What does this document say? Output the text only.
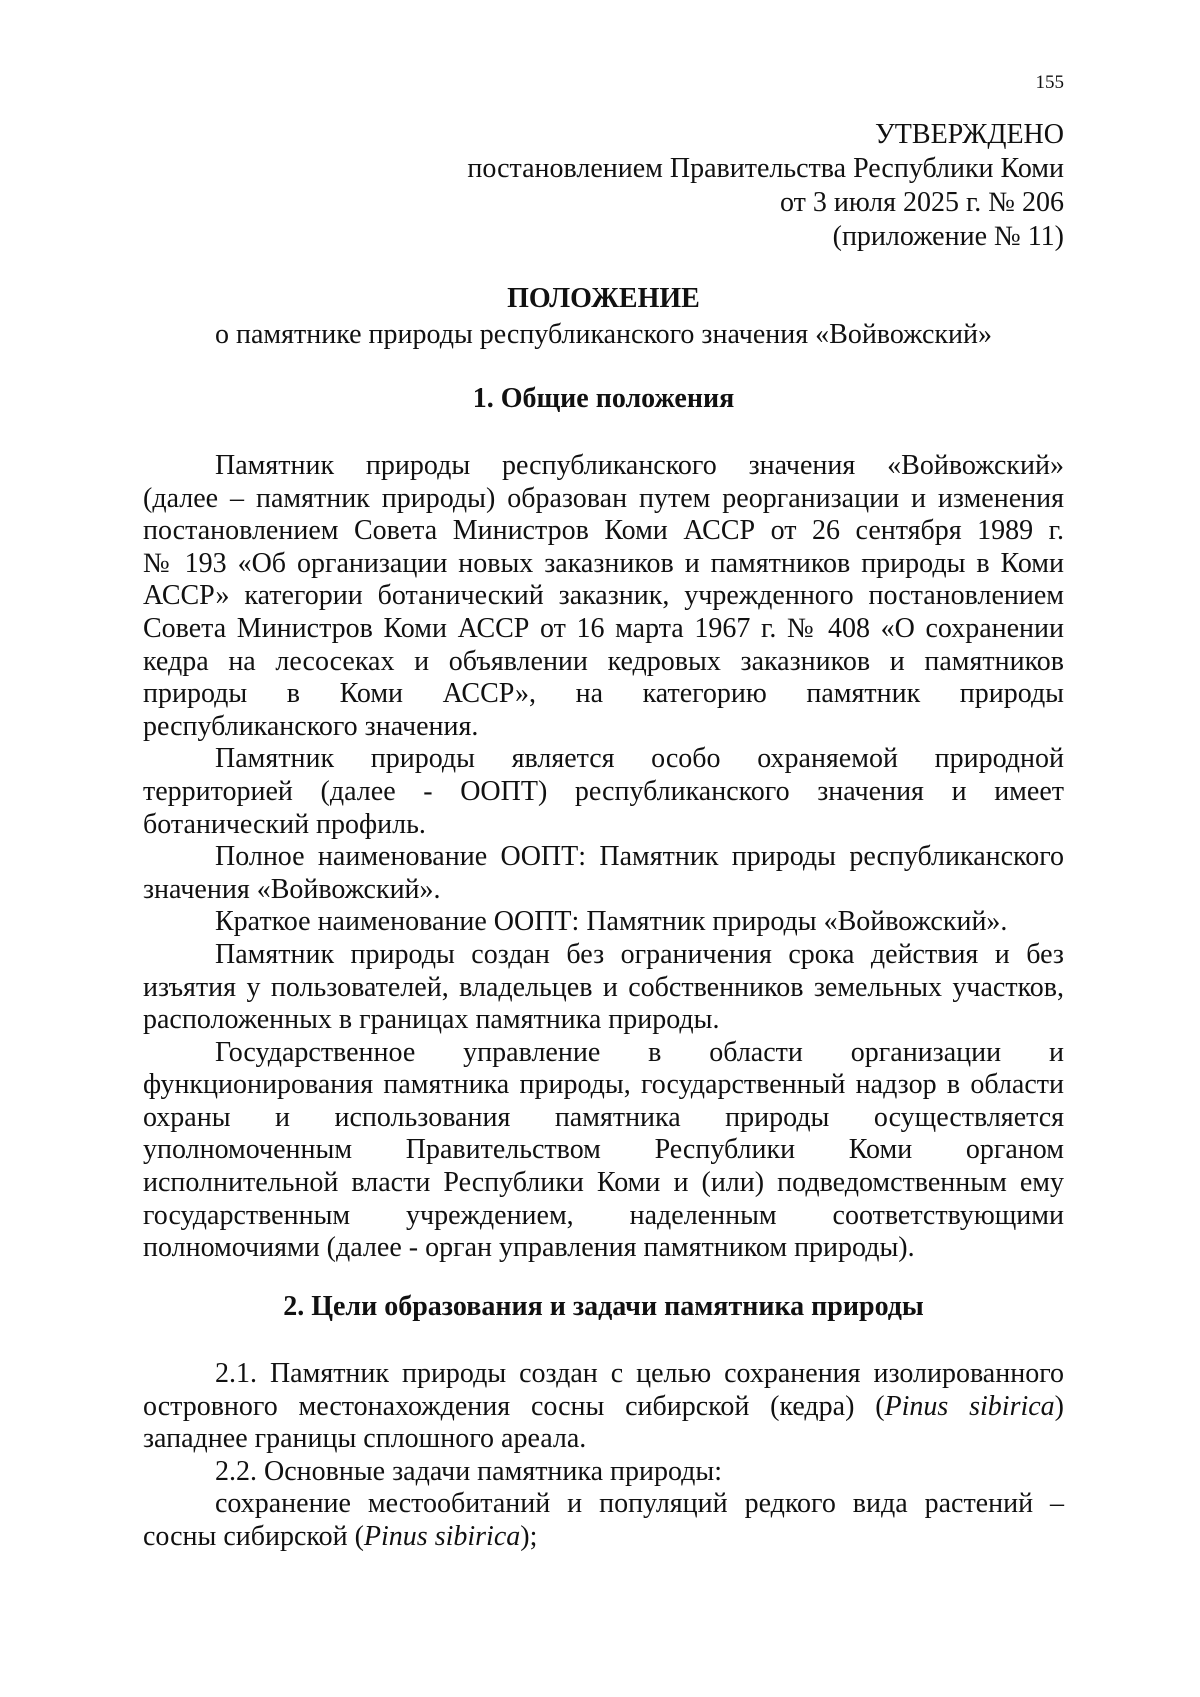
155
УТВЕРЖДЕНО
постановлением Правительства Республики Коми
от 3 июля 2025 г. № 206
(приложение № 11)
ПОЛОЖЕНИЕ
о памятнике природы республиканского значения «Войвожский»
1. Общие положения
Памятник природы республиканского значения «Войвожский»
(далее – памятник природы) образован путем реорганизации и изменения
постановлением Совета Министров Коми АССР от 26 сентября 1989 г.
№ 193 «Об организации новых заказников и памятников природы в Коми
АССР» категории ботанический заказник, учрежденного постановлением
Совета Министров Коми АССР от 16 марта 1967 г. № 408 «О сохранении
кедра на лесосеках и объявлении кедровых заказников и памятников
природы в Коми АССР», на категорию памятник природы
республиканского значения.
Памятник природы является особо охраняемой природной
территорией (далее - ООПТ) республиканского значения и имеет
ботанический профиль.
Полное наименование ООПТ: Памятник природы республиканского
значения «Войвожский».
Краткое наименование ООПТ: Памятник природы «Войвожский».
Памятник природы создан без ограничения срока действия и без
изъятия у пользователей, владельцев и собственников земельных участков,
расположенных в границах памятника природы.
Государственное управление в области организации и
функционирования памятника природы, государственный надзор в области
охраны и использования памятника природы осуществляется
уполномоченным Правительством Республики Коми органом
исполнительной власти Республики Коми и (или) подведомственным ему
государственным учреждением, наделенным соответствующими
полномочиями (далее - орган управления памятником природы).
2. Цели образования и задачи памятника природы
2.1. Памятник природы создан с целью сохранения изолированного
островного местонахождения сосны сибирской (кедра) (Pinus sibirica)
западнее границы сплошного ареала.
2.2. Основные задачи памятника природы:
сохранение местообитаний и популяций редкого вида растений –
сосны сибирской (Pinus sibirica);
